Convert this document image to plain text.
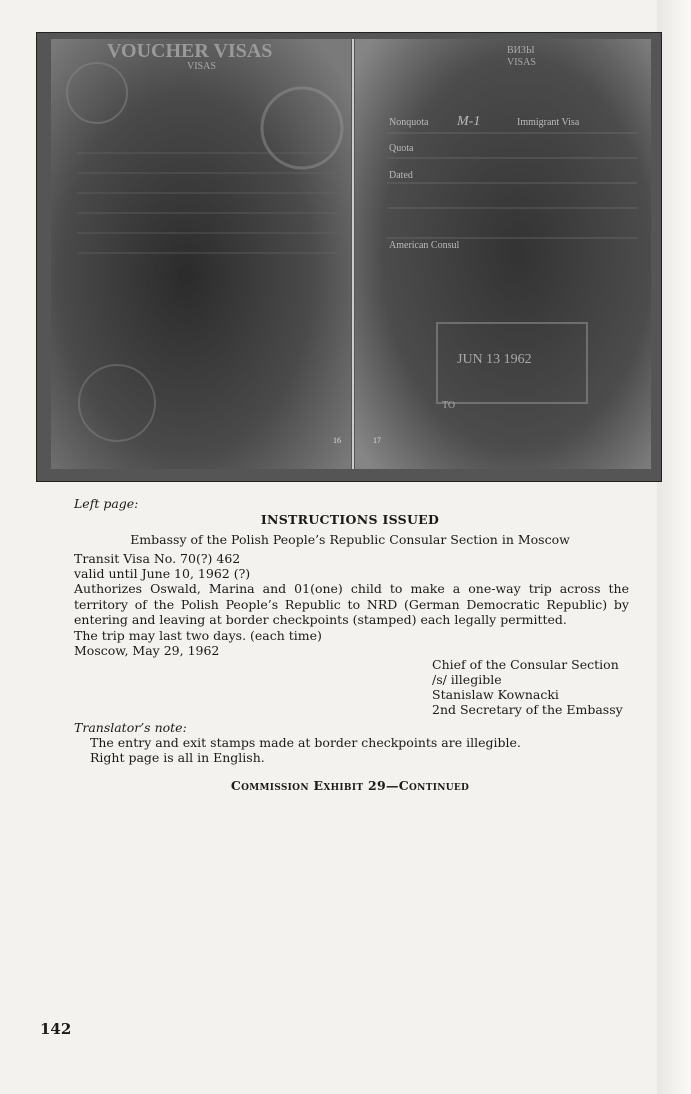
VOUCHER VISAS
VISAS
ВИЗЫ
VISAS
Nonquota M-1	Immigrant Visa
Quota
Dated
American Consul
JUN 13 1962
TO
16	17
Left page:
INSTRUCTIONS ISSUED
Embassy of the Polish People’s Republic Consular Section in Moscow
Transit Visa No. 70(?) 462
valid until June 10, 1962 (?)
Authorizes Oswald, Marina and 01(one) child to make a one-way trip across the territory of the Polish People’s Republic to NRD (German Democratic Republic) by entering and leaving at border checkpoints (stamped) each legally permitted.
The trip may last two days. (each time)
Moscow, May 29, 1962
Chief of the Consular Section
/s/ illegible
Stanislaw Kownacki
2nd Secretary of the Embassy
Translator’s note:
The entry and exit stamps made at border checkpoints are illegible.
Right page is all in English.
Commission Exhibit 29—Continued
142
